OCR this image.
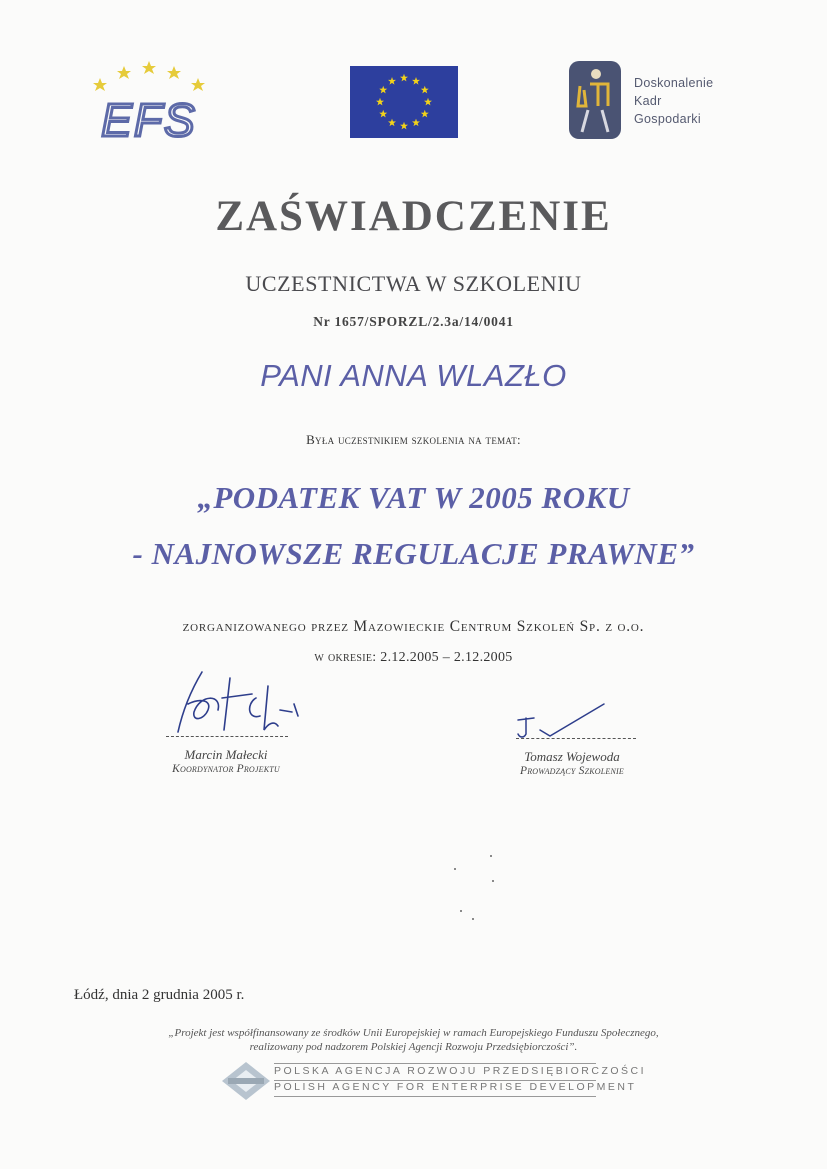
EFS
Doskonalenie
Kadr
Gospodarki
ZAŚWIADCZENIE
UCZESTNICTWA W SZKOLENIU
Nr 1657/SPORZL/2.3a/14/0041
PANI ANNA WLAZŁO
Była uczestnikiem szkolenia na temat:
„PODATEK VAT W 2005 ROKU
- NAJNOWSZE REGULACJE PRAWNE”
zorganizowanego przez Mazowieckie Centrum Szkoleń Sp. z o.o.
w okresie: 2.12.2005 – 2.12.2005
Marcin Małecki
Koordynator Projektu
Tomasz Wojewoda
Prowadzący Szkolenie
Łódź, dnia 2 grudnia 2005 r.
„Projekt jest współfinansowany ze środków Unii Europejskiej w ramach Europejskiego Funduszu Społecznego,
realizowany pod nadzorem Polskiej Agencji Rozwoju Przedsiębiorczości”.
POLSKA AGENCJA ROZWOJU PRZEDSIĘBIORCZOŚCI
POLISH AGENCY FOR ENTERPRISE DEVELOPMENT
